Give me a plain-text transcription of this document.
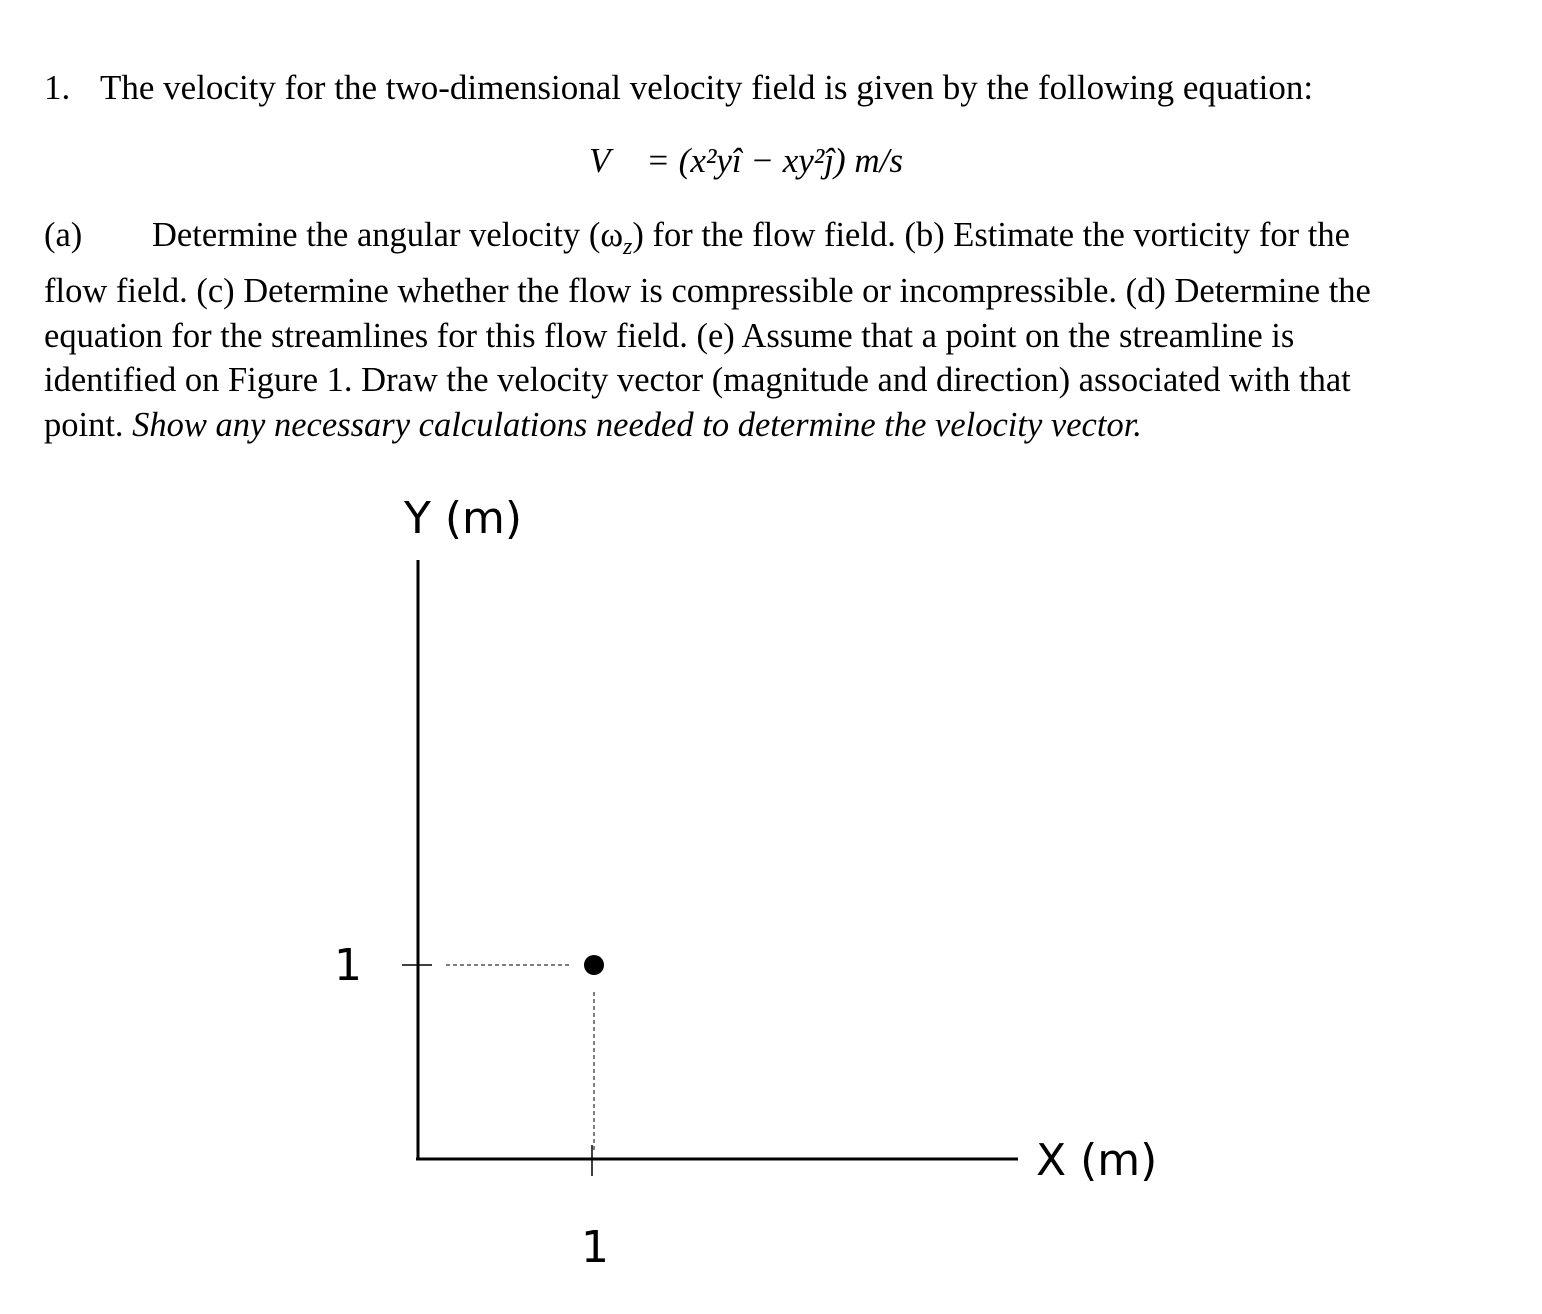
1. The velocity for the two-dimensional velocity field is given by the following equation:
V⃗ = (x²yî − xy²ĵ) m/s
(a) Determine the angular velocity $(\omega_z)$ for the flow field. (b) Estimate the vorticity for the
flow field. (c) Determine whether the flow is compressible or incompressible. (d) Determine the
equation for the streamlines for this flow field. (e) Assume that a point on the streamline is
identified on Figure 1. Draw the velocity vector (magnitude and direction) associated with that
point. Show any necessary calculations needed to determine the velocity vector.
Y (m)
X (m)
1
1
